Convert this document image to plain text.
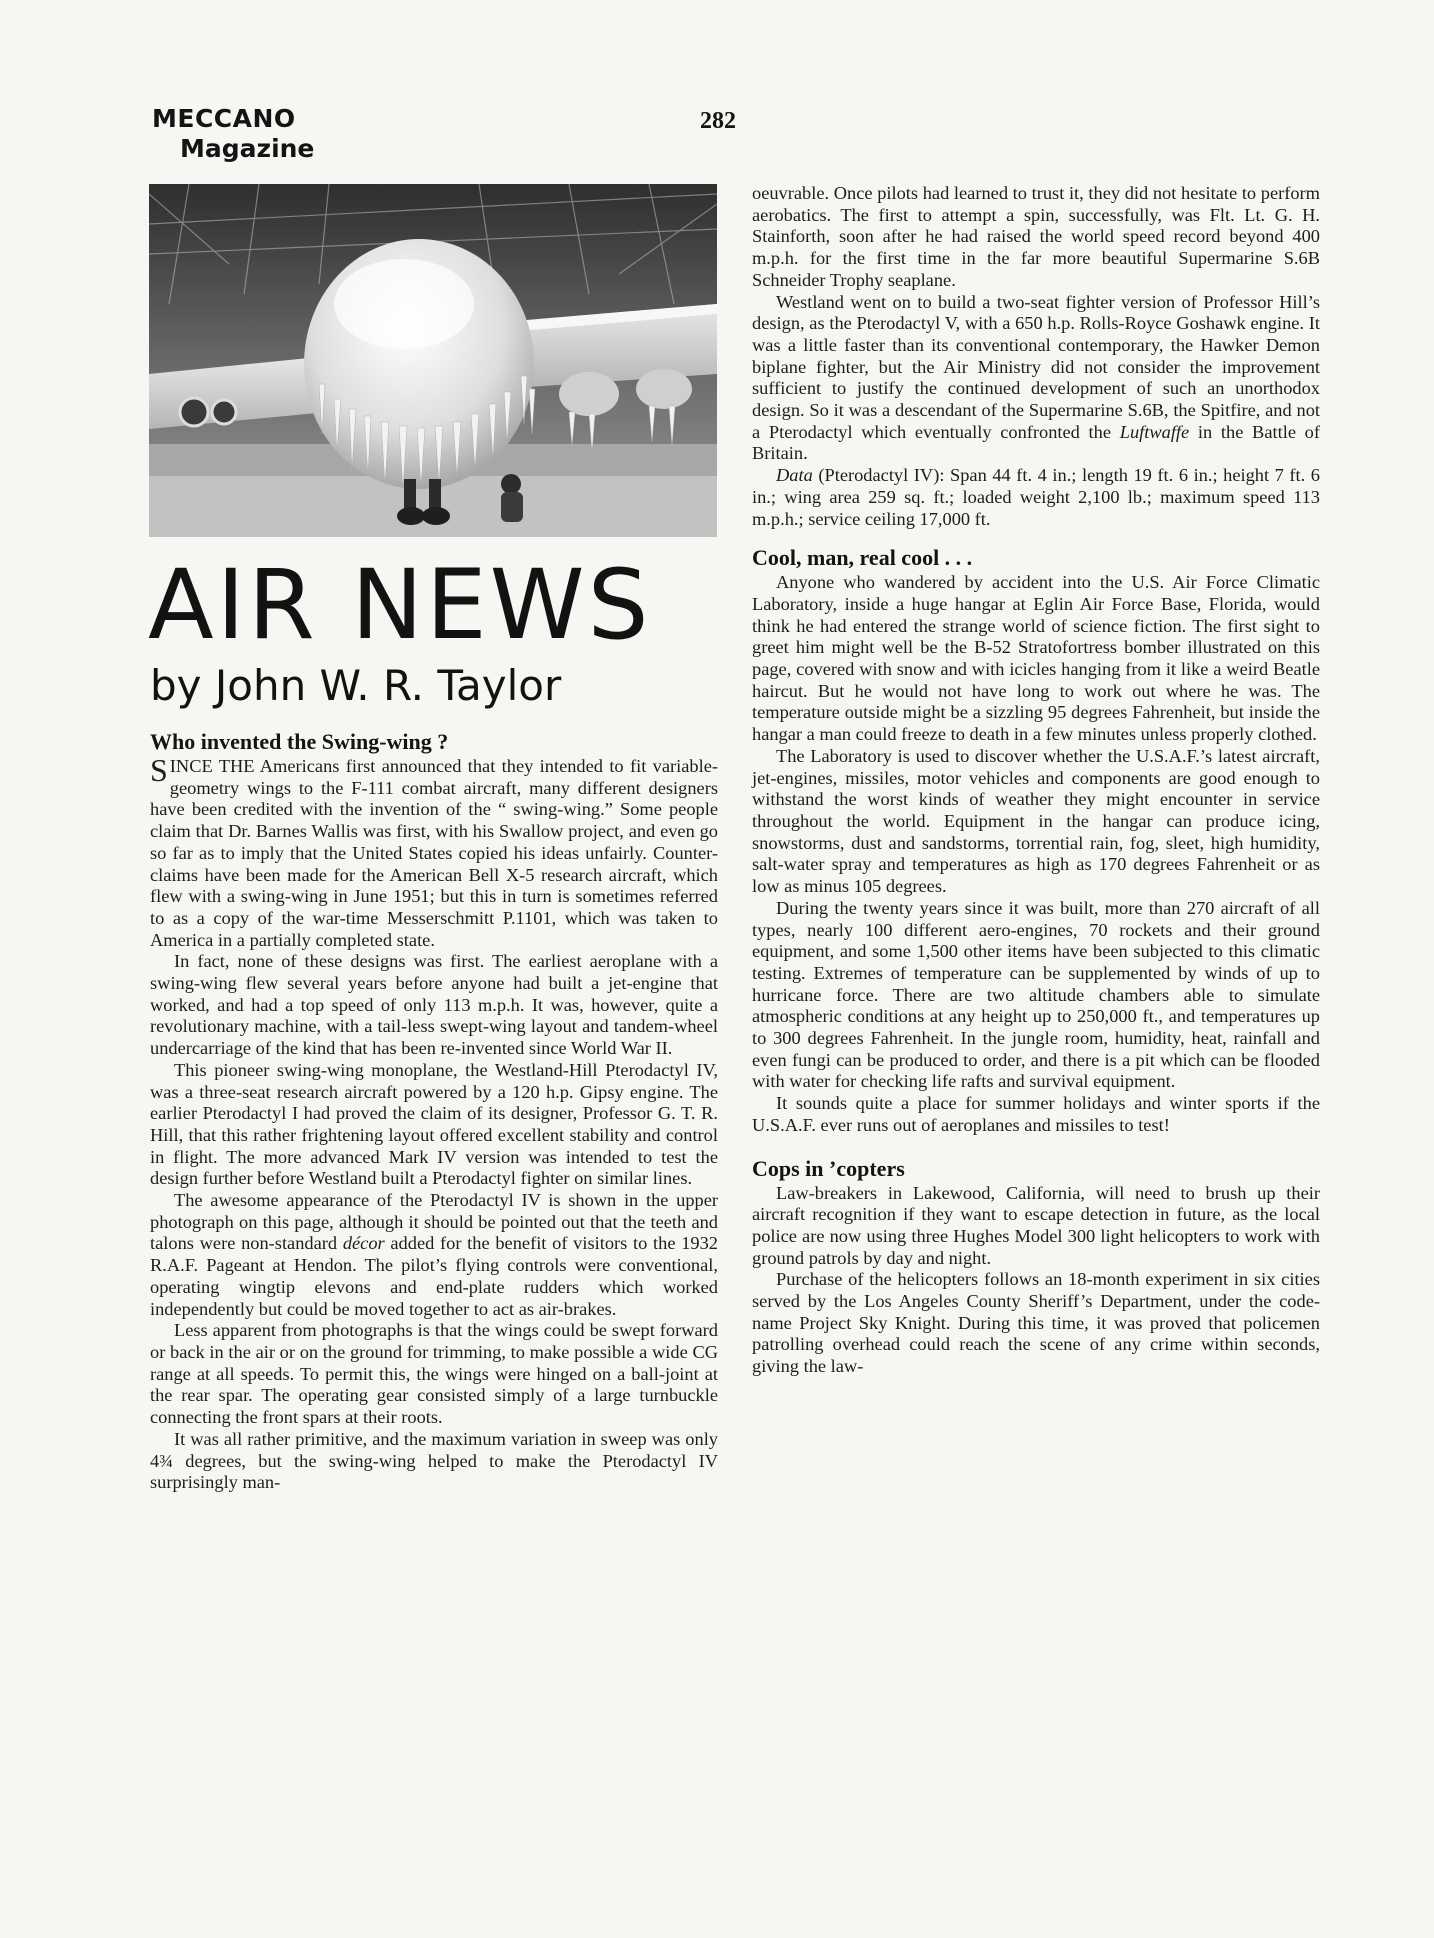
MECCANO
Magazine
282
AIR NEWS
by John W. R. Taylor
Who invented the Swing-wing ?

SINCE THE Americans first announced that they intended to fit variable-geometry wings to the F-111 combat aircraft, many different designers have been credited with the invention of the “ swing-wing.” Some people claim that Dr. Barnes Wallis was first, with his Swallow project, and even go so far as to imply that the United States copied his ideas unfairly. Counter-claims have been made for the American Bell X-5 research aircraft, which flew with a swing-wing in June 1951; but this in turn is sometimes referred to as a copy of the war-time Messerschmitt P.1101, which was taken to America in a partially completed state.

In fact, none of these designs was first. The earliest aeroplane with a swing-wing flew several years before anyone had built a jet-engine that worked, and had a top speed of only 113 m.p.h. It was, however, quite a revolutionary machine, with a tail-less swept-wing layout and tandem-wheel undercarriage of the kind that has been re-invented since World War II.

This pioneer swing-wing monoplane, the Westland-Hill Pterodactyl IV, was a three-seat research aircraft powered by a 120 h.p. Gipsy engine. The earlier Pterodactyl I had proved the claim of its designer, Professor G. T. R. Hill, that this rather frightening layout offered excellent stability and control in flight. The more advanced Mark IV version was intended to test the design further before Westland built a Pterodactyl fighter on similar lines.

The awesome appearance of the Pterodactyl IV is shown in the upper photograph on this page, although it should be pointed out that the teeth and talons were non-standard décor added for the benefit of visitors to the 1932 R.A.F. Pageant at Hendon. The pilot’s flying controls were conventional, operating wingtip elevons and end-plate rudders which worked independently but could be moved together to act as air-brakes.

Less apparent from photographs is that the wings could be swept forward or back in the air or on the ground for trimming, to make possible a wide CG range at all speeds. To permit this, the wings were hinged on a ball-joint at the rear spar. The operating gear consisted simply of a large turnbuckle connecting the front spars at their roots.

It was all rather primitive, and the maximum variation in sweep was only 4¾ degrees, but the swing-wing helped to make the Pterodactyl IV surprisingly man-

oeuvrable. Once pilots had learned to trust it, they did not hesitate to perform aerobatics. The first to attempt a spin, successfully, was Flt. Lt. G. H. Stainforth, soon after he had raised the world speed record beyond 400 m.p.h. for the first time in the far more beautiful Supermarine S.6B Schneider Trophy seaplane.

Westland went on to build a two-seat fighter version of Professor Hill’s design, as the Pterodactyl V, with a 650 h.p. Rolls-Royce Goshawk engine. It was a little faster than its conventional contemporary, the Hawker Demon biplane fighter, but the Air Ministry did not consider the improvement sufficient to justify the continued development of such an unorthodox design. So it was a descendant of the Supermarine S.6B, the Spitfire, and not a Pterodactyl which eventually confronted the Luftwaffe in the Battle of Britain.

Data (Pterodactyl IV): Span 44 ft. 4 in.; length 19 ft. 6 in.; height 7 ft. 6 in.; wing area 259 sq. ft.; loaded weight 2,100 lb.; maximum speed 113 m.p.h.; service ceiling 17,000 ft.

Cool, man, real cool . . .

Anyone who wandered by accident into the U.S. Air Force Climatic Laboratory, inside a huge hangar at Eglin Air Force Base, Florida, would think he had entered the strange world of science fiction. The first sight to greet him might well be the B-52 Stratofortress bomber illustrated on this page, covered with snow and with icicles hanging from it like a weird Beatle haircut. But he would not have long to work out where he was. The temperature outside might be a sizzling 95 degrees Fahrenheit, but inside the hangar a man could freeze to death in a few minutes unless properly clothed.

The Laboratory is used to discover whether the U.S.A.F.’s latest aircraft, jet-engines, missiles, motor vehicles and components are good enough to withstand the worst kinds of weather they might encounter in service throughout the world. Equipment in the hangar can produce icing, snowstorms, dust and sandstorms, torrential rain, fog, sleet, high humidity, salt-water spray and temperatures as high as 170 degrees Fahrenheit or as low as minus 105 degrees.

During the twenty years since it was built, more than 270 aircraft of all types, nearly 100 different aero-engines, 70 rockets and their ground equipment, and some 1,500 other items have been subjected to this climatic testing. Extremes of temperature can be supplemented by winds of up to hurricane force. There are two altitude chambers able to simulate atmospheric conditions at any height up to 250,000 ft., and temperatures up to 300 degrees Fahrenheit. In the jungle room, humidity, heat, rainfall and even fungi can be produced to order, and there is a pit which can be flooded with water for checking life rafts and survival equipment.

It sounds quite a place for summer holidays and winter sports if the U.S.A.F. ever runs out of aeroplanes and missiles to test!

Cops in ’copters

Law-breakers in Lakewood, California, will need to brush up their aircraft recognition if they want to escape detection in future, as the local police are now using three Hughes Model 300 light helicopters to work with ground patrols by day and night.

Purchase of the helicopters follows an 18-month experiment in six cities served by the Los Angeles County Sheriff’s Department, under the code-name Project Sky Knight. During this time, it was proved that policemen patrolling overhead could reach the scene of any crime within seconds, giving the law-
